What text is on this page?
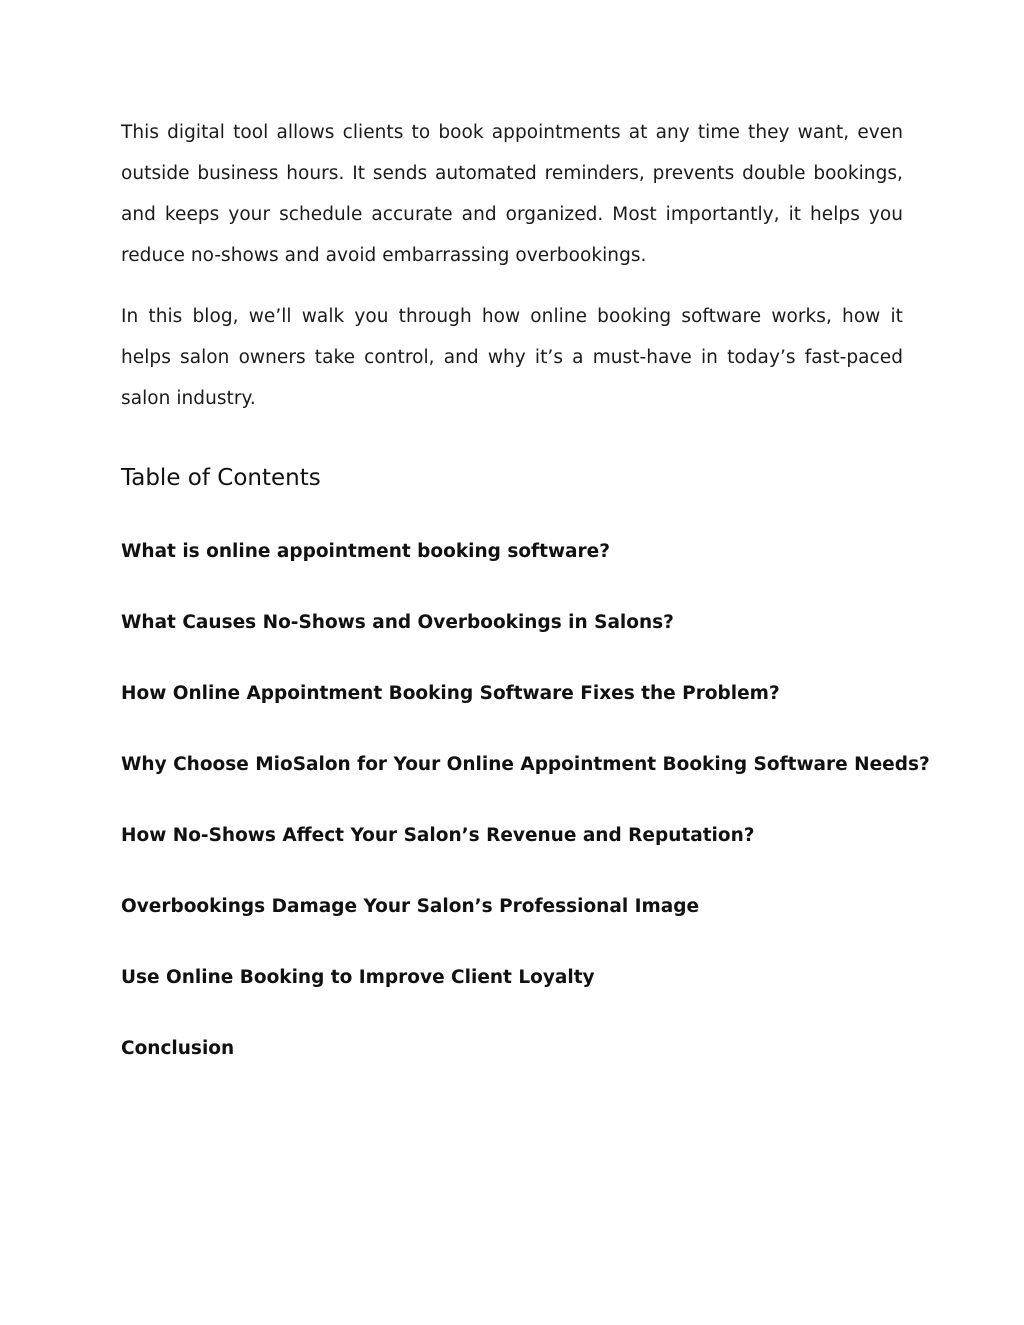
This digital tool allows clients to book appointments at any time they want, even outside business hours. It sends automated reminders, prevents double bookings, and keeps your schedule accurate and organized. Most importantly, it helps you reduce no-shows and avoid embarrassing overbookings.

In this blog, we’ll walk you through how online booking software works, how it helps salon owners take control, and why it’s a must-have in today’s fast-paced salon industry.

Table of Contents
What is online appointment booking software?
What Causes No-Shows and Overbookings in Salons?
How Online Appointment Booking Software Fixes the Problem?
Why Choose MioSalon for Your Online Appointment Booking Software Needs?
How No-Shows Affect Your Salon’s Revenue and Reputation?
Overbookings Damage Your Salon’s Professional Image
Use Online Booking to Improve Client Loyalty
Conclusion
